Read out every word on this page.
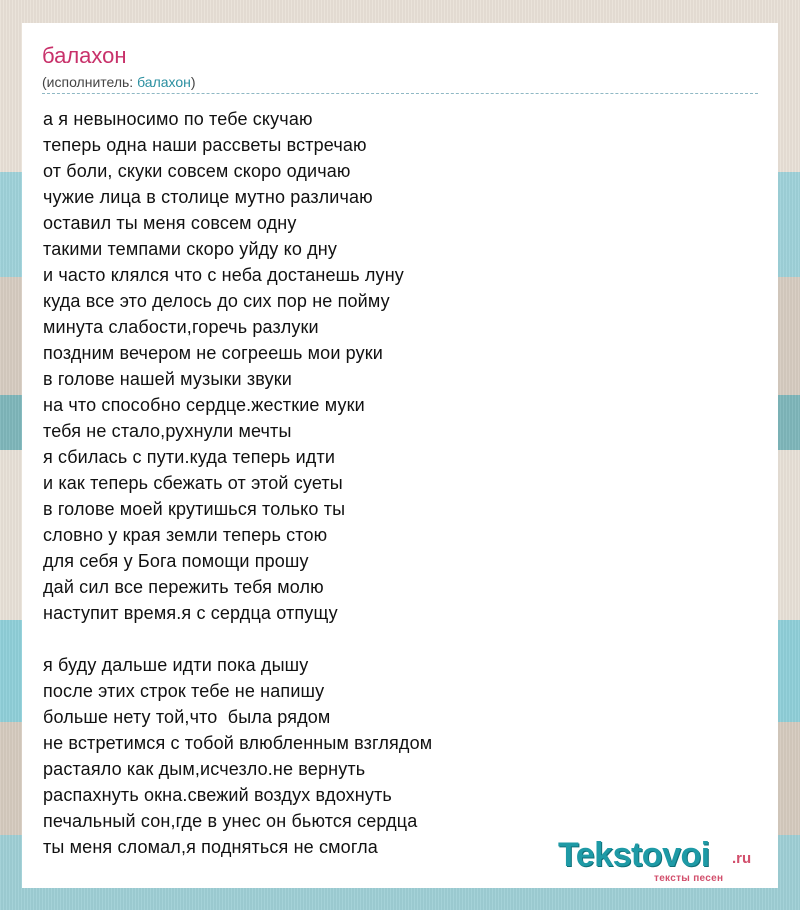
балахон
(исполнитель: балахон)
а я невыносимо по тебе скучаю
теперь одна наши рассветы встречаю
от боли, скуки совсем скоро одичаю
чужие лица в столице мутно различаю
оставил ты меня совсем одну
такими темпами скоро уйду ко дну
и часто клялся что с неба достанешь луну
куда все это делось до сих пор не пойму
минута слабости,горечь разлуки
поздним вечером не согреешь мои руки
в голове нашей музыки звуки
на что способно сердце.жесткие муки
тебя не стало,рухнули мечты
я сбилась с пути.куда теперь идти
и как теперь сбежать от этой суеты
в голове моей крутишься только ты
словно у края земли теперь стою
для себя у Бога помощи прошу
дай сил все пережить тебя молю
наступит время.я с сердца отпущу
я буду дальше идти пока дышу
после этих строк тебе не напишу
больше нету той,что  была рядом
не встретимся с тобой влюбленным взглядом
растаяло как дым,исчезло.не вернуть
распахнуть окна.свежий воздух вдохнуть
печальный сон,где в унес он бьются сердца
ты меня сломал,я подняться не смогла	Tekstovoi .ru
тексты песен
